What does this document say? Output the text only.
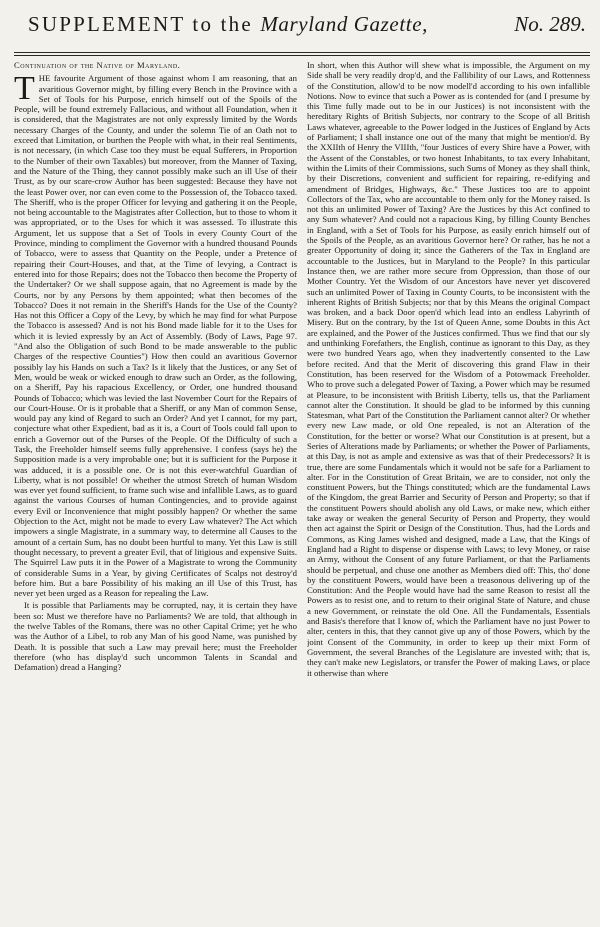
SUPPLEMENT to the Maryland Gazette,	No. 289.
Continuation of the Native of Maryland.

THE favourite Argument of those against whom I am reasoning, that an avaritious Governor might, by filling every Bench in the Province with a Set of Tools for his Purpose, enrich himself out of the Spoils of the People, will be found extremely Fallacious, and without all Foundation, when it is considered, that the Magistrates are not only expressly limited by the Words necessary Charges of the County, and under the solemn Tie of an Oath not to exceed that Limitation, or burthen the People with what, in their real Sentiments, is not necessary, (in which Case too they must be equal Sufferers, in Proportion to the Number of their own Taxables) but moreover, from the Manner of Taxing, and the Nature of the Thing, they cannot possibly make such an ill Use of their Trust, as by our scare-crow Author has been suggested: Because they have not the least Power over, nor can even come to the Possession of, the Tobacco taxed. The Sheriff, who is the proper Officer for levying and gathering it on the People, not being accountable to the Magistrates after Collection, but to those to whom it was appropriated, or to the Uses for which it was assessed. To illustrate this Argument, let us suppose that a Set of Tools in every County Court of the Province, minding to compliment the Governor with a hundred thousand Pounds of Tobacco, were to assess that Quantity on the People, under a Pretence of repairing their Court-Houses, and that, at the Time of levying, a Contract is entered into for those Repairs; does not the Tobacco then become the Property of the Undertaker? Or we shall suppose again, that no Agreement is made by the Courts, nor by any Persons by them appointed; what then becomes of the Tobacco? Does it not remain in the Sheriff's Hands for the Use of the County? Has not this Officer a Copy of the Levy, by which he may find for what Purpose the Tobacco is assessed? And is not his Bond made liable for it to the Uses for which it is levied expressly by an Act of Assembly. (Body of Laws, Page 97. "And also the Obligation of such Bond to be made answerable to the public Charges of the respective Counties") How then could an avaritious Governor possibly lay his Hands on such a Tax? Is it likely that the Justices, or any Set of Men, would be weak or wicked enough to draw such an Order, as the following, on a Sheriff, Pay his rapacious Excellency, or Order, one hundred thousand Pounds of Tobacco; which was levied the last November Court for the Repairs of our Court-House. Or is it probable that a Sheriff, or any Man of common Sense, would pay any kind of Regard to such an Order? And yet I cannot, for my part, conjecture what other Expedient, bad as it is, a Court of Tools could fall upon to enrich a Governor out of the Purses of the People. Of the Difficulty of such a Task, the Freeholder himself seems fully apprehensive. I confess (says he) the Supposition made is a very improbable one; but it is sufficient for the Purpose it was adduced, it is a possible one. Or is not this ever-watchful Guardian of Liberty, what is not possible! Or whether the utmost Stretch of human Wisdom was ever yet found sufficient, to frame such wise and infallible Laws, as to guard against the various Courses of human Contingencies, and to provide against every Evil or Inconvenience that might possibly happen? Or whether the same Objection to the Act, might not be made to every Law whatever? The Act which impowers a single Magistrate, in a summary way, to determine all Causes to the amount of a certain Sum, has no doubt been hurtful to many. Yet this Law is still thought necessary, to prevent a greater Evil, that of litigious and expensive Suits. The Squirrel Law puts it in the Power of a Magistrate to wrong the Community of considerable Sums in a Year, by giving Certificates of Scalps not destroy'd before him. But a bare Possibility of his making an ill Use of this Trust, has never yet been urged as a Reason for repealing the Law.

It is possible that Parliaments may be corrupted, nay, it is certain they have been so: Must we therefore have no Parliaments? We are told, that although in the twelve Tables of the Romans, there was no other Capital Crime; yet he who was the Author of a Libel, to rob any Man of his good Name, was punished by Death. It is possible that such a Law may prevail here; must the Freeholder therefore (who has display'd such uncommon Talents in Scandal and Defamation) dread a Hanging?

In short, when this Author will shew what is impossible, the Argument on my Side shall be very readily drop'd, and the Fallibility of our Laws, and Rottenness of the Constitution, allow'd to be now modell'd according to his own infallible Notions. Now to evince that such a Power as is contended for (and I presume by this Time fully made out to be in our Justices) is not inconsistent with the hereditary Rights of British Subjects, nor contrary to the Scope of all British Laws whatever, agreeable to the Power lodged in the Justices of England by Acts of Parliament; I shall instance one out of the many that might be mention'd. By the XXIIth of Henry the VIIIth, "four Justices of every Shire have a Power, with the Assent of the Constables, or two honest Inhabitants, to tax every Inhabitant, within the Limits of their Commissions, such Sums of Money as they shall think, by their Discretions, convenient and sufficient for repairing, re-edifying and amendment of Bridges, Highways, &c." These Justices too are to appoint Collectors of the Tax, who are accountable to them only for the Money raised. Is not this an unlimited Power of Taxing? Are the Justices by this Act confined to any Sum whatever? And could not a rapacious King, by filling County Benches in England, with a Set of Tools for his Purpose, as easily enrich himself out of the Spoils of the People, as an avaritious Governor here? Or rather, has he not a greater Opportunity of doing it; since the Gatherers of the Tax in England are accountable to the Justices, but in Maryland to the People? In this particular Instance then, we are rather more secure from Oppression, than those of our Mother Country. Yet the Wisdom of our Ancestors have never yet discovered such an unlimited Power of Taxing in County Courts, to be inconsistent with the inherent Rights of British Subjects; nor that by this Means the original Compact was broken, and a back Door open'd which lead into an endless Labyrinth of Misery. But on the contrary, by the 1st of Queen Anne, some Doubts in this Act are explained, and the Power of the Justices confirmed. Thus we find that our sly and unthinking Forefathers, the English, continue as ignorant to this Day, as they were two hundred Years ago, when they inadvertently consented to the Law before recited. And that the Merit of discovering this grand Flaw in their Constitution, has been reserved for the Wisdom of a Potowmack Freeholder. Who to prove such a delegated Power of Taxing, a Power which may be resumed at Pleasure, to be inconsistent with British Liberty, tells us, that the Parliament cannot alter the Constitution. It should be glad to be informed by this cunning Statesman, what Part of the Constitution the Parliament cannot alter? Or whether every new Law made, or old One repealed, is not an Alteration of the Constitution, for the better or worse? What our Constitution is at present, but a Series of Alterations made by Parliaments; or whether the Power of Parliaments, at this Day, is not as ample and extensive as was that of their Predecessors? It is true, there are some Fundamentals which it would not be safe for a Parliament to alter. For in the Constitution of Great Britain, we are to consider, not only the constituent Powers, but the Things constituted; which are the fundamental Laws of the Kingdom, the great Barrier and Security of Person and Property; so that if the constituent Powers should abolish any old Laws, or make new, which either take away or weaken the general Security of Person and Property, they would then act against the Spirit or Design of the Constitution. Thus, had the Lords and Commons, as King James wished and designed, made a Law, that the Kings of England had a Right to dispense or dispense with Laws; to levy Money, or raise an Army, without the Consent of any future Parliament, or that the Parliaments should be perpetual, and chuse one another as Members died off: This, tho' done by the constituent Powers, would have been a treasonous delivering up of the Constitution: And the People would have had the same Reason to resist all the Powers as to resist one, and to return to their original State of Nature, and chuse a new Government, or reinstate the old One. All the Fundamentals, Essentials and Basis's therefore that I know of, which the Parliament have no just Power to alter, centers in this, that they cannot give up any of those Powers, which by the joint Consent of the Community, in order to keep up their mixt Form of Government, the several Branches of the Legislature are invested with; that is, they can't make new Legislators, or transfer the Power of making Laws, or place it otherwise than where
